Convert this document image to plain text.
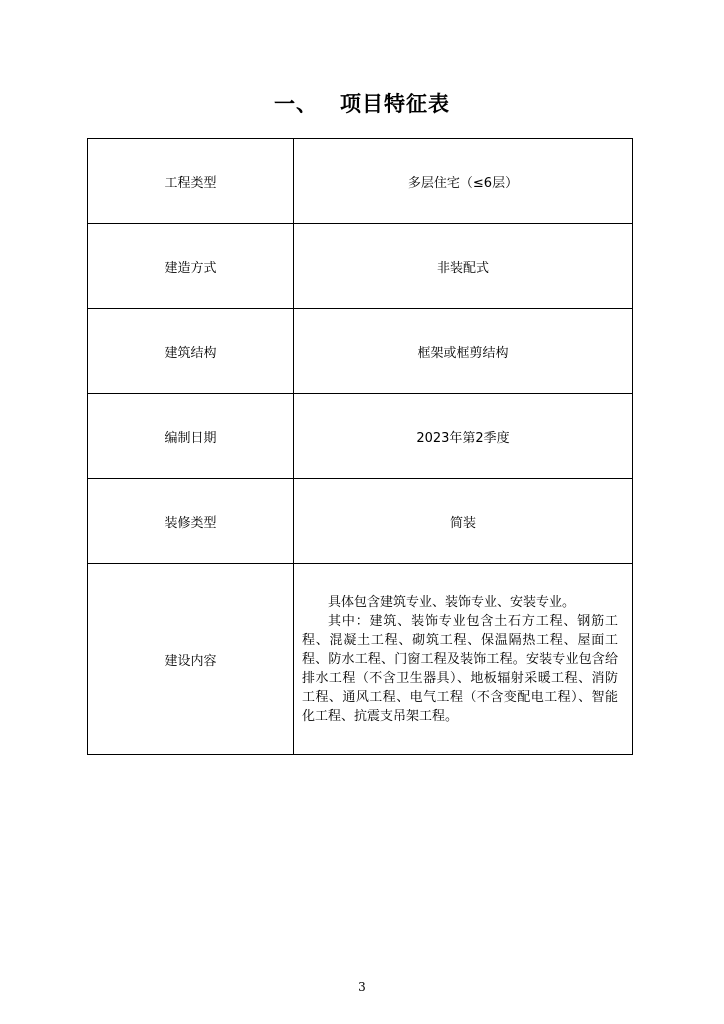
一、 项目特征表
工程类型	多层住宅（≤6层）
建造方式	非装配式
建筑结构	框架或框剪结构
编制日期	2023年第2季度
装修类型	简装
建设内容	具体包含建筑专业、装饰专业、安装专业。

其中：建筑、装饰专业包含土石方工程、钢筋工程、混凝土工程、砌筑工程、保温隔热工程、屋面工程、防水工程、门窗工程及装饰工程。安装专业包含给排水工程（不含卫生器具）、地板辐射采暖工程、消防工程、通风工程、电气工程（不含变配电工程）、智能化工程、抗震支吊架工程。

3
